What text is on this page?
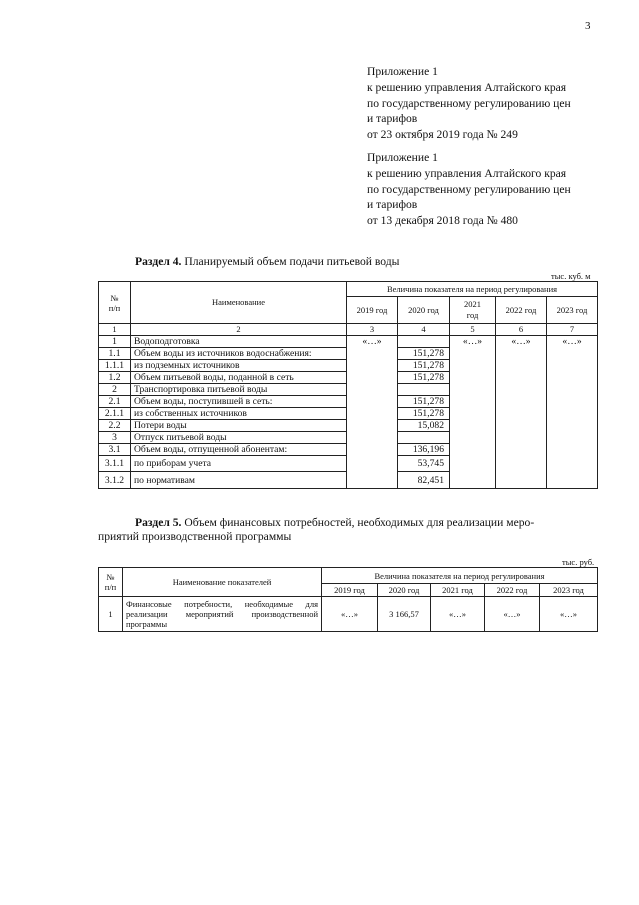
3
Приложение 1
к решению управления Алтайского края
по государственному регулированию цен
и тарифов
от 23 октября 2019 года № 249
Приложение 1
к решению управления Алтайского края
по государственному регулированию цен
и тарифов
от 13 декабря 2018 года № 480
Раздел 4. Планируемый объем подачи питьевой воды
тыс. куб. м
№
п/п	Наименование	Величина показателя на период регулирования				
		2019 год	2020 год	2021 год	2022 год	2023 год
1	2	3	4	5	6	7
1	Водоподготовка	«…»		«…»	«…»	«…»
1.1	Объем воды из источников водоснабжения:		151,278			
1.1.1	из подземных источников		151,278			
1.2	Объем питьевой воды, поданной в сеть		151,278			
2	Транспортировка питьевой воды					
2.1	Объем воды, поступившей в сеть:		151,278			
2.1.1	из собственных источников		151,278			
2.2	Потери воды		15,082			
3	Отпуск питьевой воды					
3.1	Объем воды, отпущенной абонентам:		136,196			
3.1.1	по приборам учета		53,745			
3.1.2	по нормативам		82,451			
Раздел 5. Объем финансовых потребностей, необходимых для реализации меро-
приятий производственной программы
тыс. руб.
№
п/п	Наименование показателей	Величина показателя на период регулирования				
		2019 год	2020 год	2021 год	2022 год	2023 год
1	Финансовые потребности, необходимые для реализации мероприятий производственной программы	«…»	3 166,57	«…»	«…»	«…»
